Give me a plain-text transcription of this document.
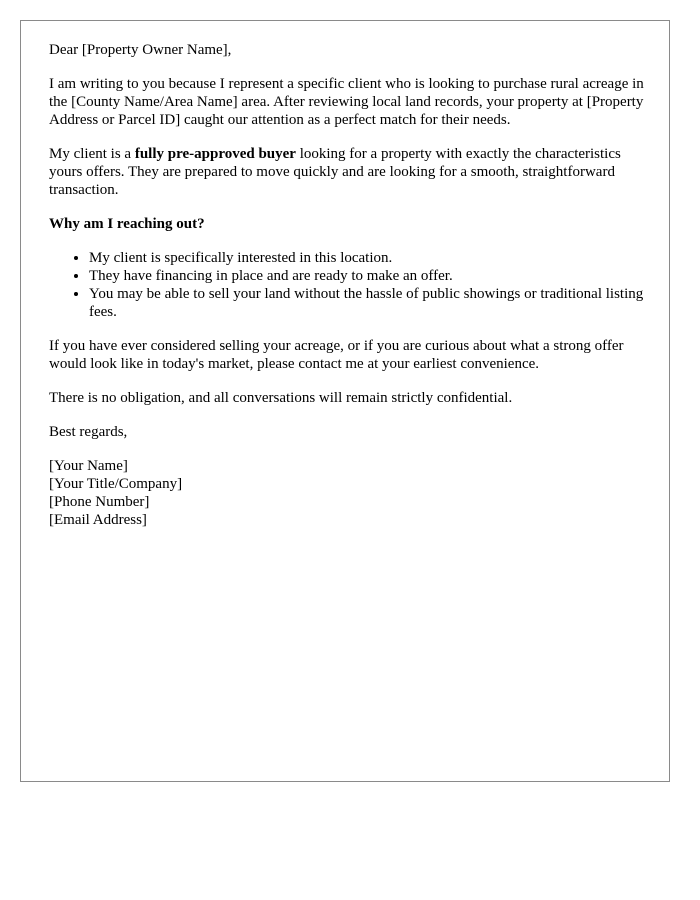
Dear [Property Owner Name],

I am writing to you because I represent a specific client who is looking to purchase rural acreage in the [County Name/Area Name] area. After reviewing local land records, your property at [Property Address or Parcel ID] caught our attention as a perfect match for their needs.

My client is a fully pre-approved buyer looking for a property with exactly the characteristics yours offers. They are prepared to move quickly and are looking for a smooth, straightforward transaction.

Why am I reaching out?

• My client is specifically interested in this location.
• They have financing in place and are ready to make an offer.
• You may be able to sell your land without the hassle of public showings or traditional listing fees.

If you have ever considered selling your acreage, or if you are curious about what a strong offer would look like in today's market, please contact me at your earliest convenience.

There is no obligation, and all conversations will remain strictly confidential.

Best regards,

[Your Name]
[Your Title/Company]
[Phone Number]
[Email Address]
